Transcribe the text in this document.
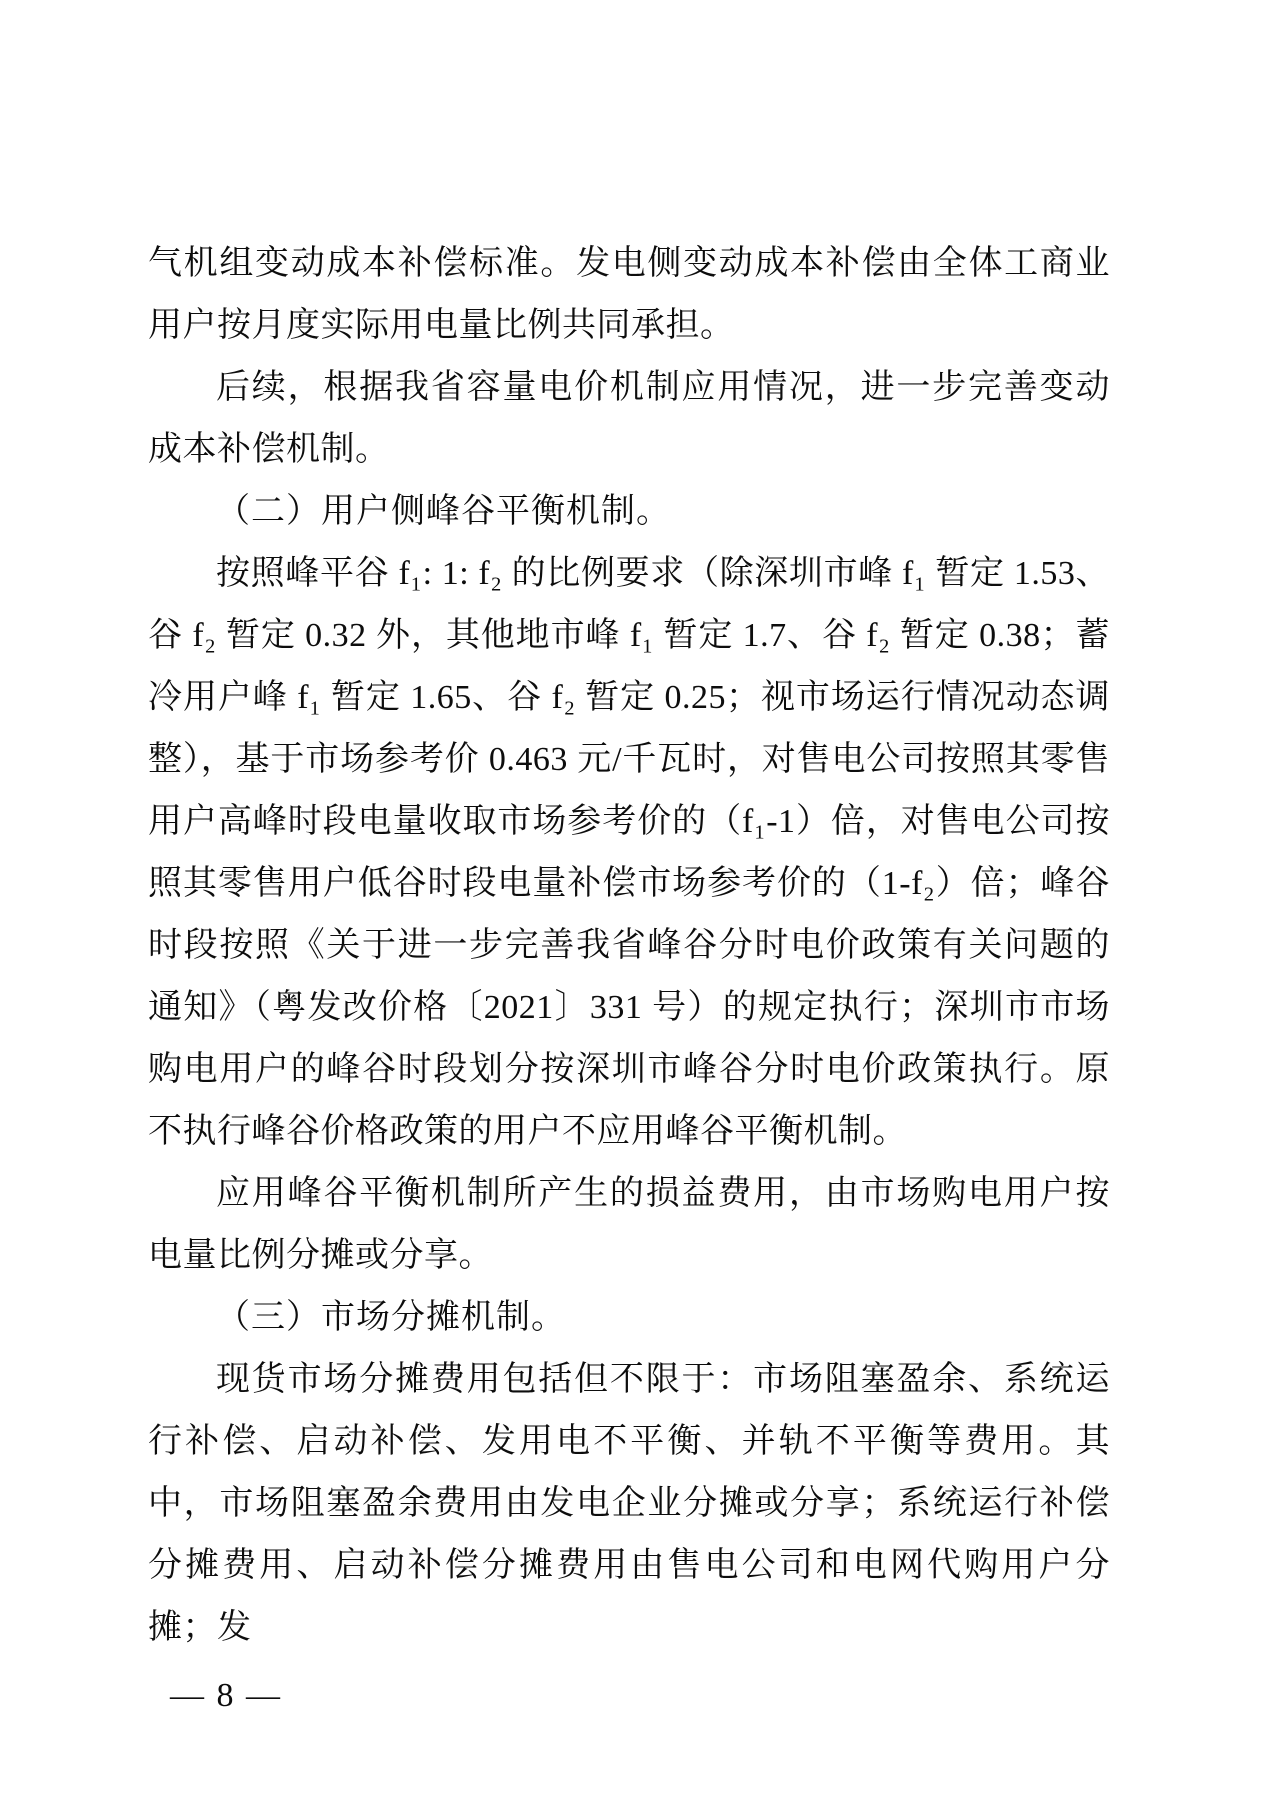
气机组变动成本补偿标准。发电侧变动成本补偿由全体工商业用户按月度实际用电量比例共同承担。

后续，根据我省容量电价机制应用情况，进一步完善变动成本补偿机制。

（二）用户侧峰谷平衡机制。

按照峰平谷 f₁: 1: f₂ 的比例要求（除深圳市峰 f₁ 暂定 1.53、谷 f₂ 暂定 0.32 外，其他地市峰 f₁ 暂定 1.7、谷 f₂ 暂定 0.38；蓄冷用户峰 f₁ 暂定 1.65、谷 f₂ 暂定 0.25；视市场运行情况动态调整），基于市场参考价 0.463 元/千瓦时，对售电公司按照其零售用户高峰时段电量收取市场参考价的（f₁-1）倍，对售电公司按照其零售用户低谷时段电量补偿市场参考价的（1-f₂）倍；峰谷时段按照《关于进一步完善我省峰谷分时电价政策有关问题的通知》（粤发改价格〔2021〕331 号）的规定执行；深圳市市场购电用户的峰谷时段划分按深圳市峰谷分时电价政策执行。原不执行峰谷价格政策的用户不应用峰谷平衡机制。

应用峰谷平衡机制所产生的损益费用，由市场购电用户按电量比例分摊或分享。

（三）市场分摊机制。

现货市场分摊费用包括但不限于：市场阻塞盈余、系统运行补偿、启动补偿、发用电不平衡、并轨不平衡等费用。其中，市场阻塞盈余费用由发电企业分摊或分享；系统运行补偿分摊费用、启动补偿分摊费用由售电公司和电网代购用户分摊；发

— 8 —
